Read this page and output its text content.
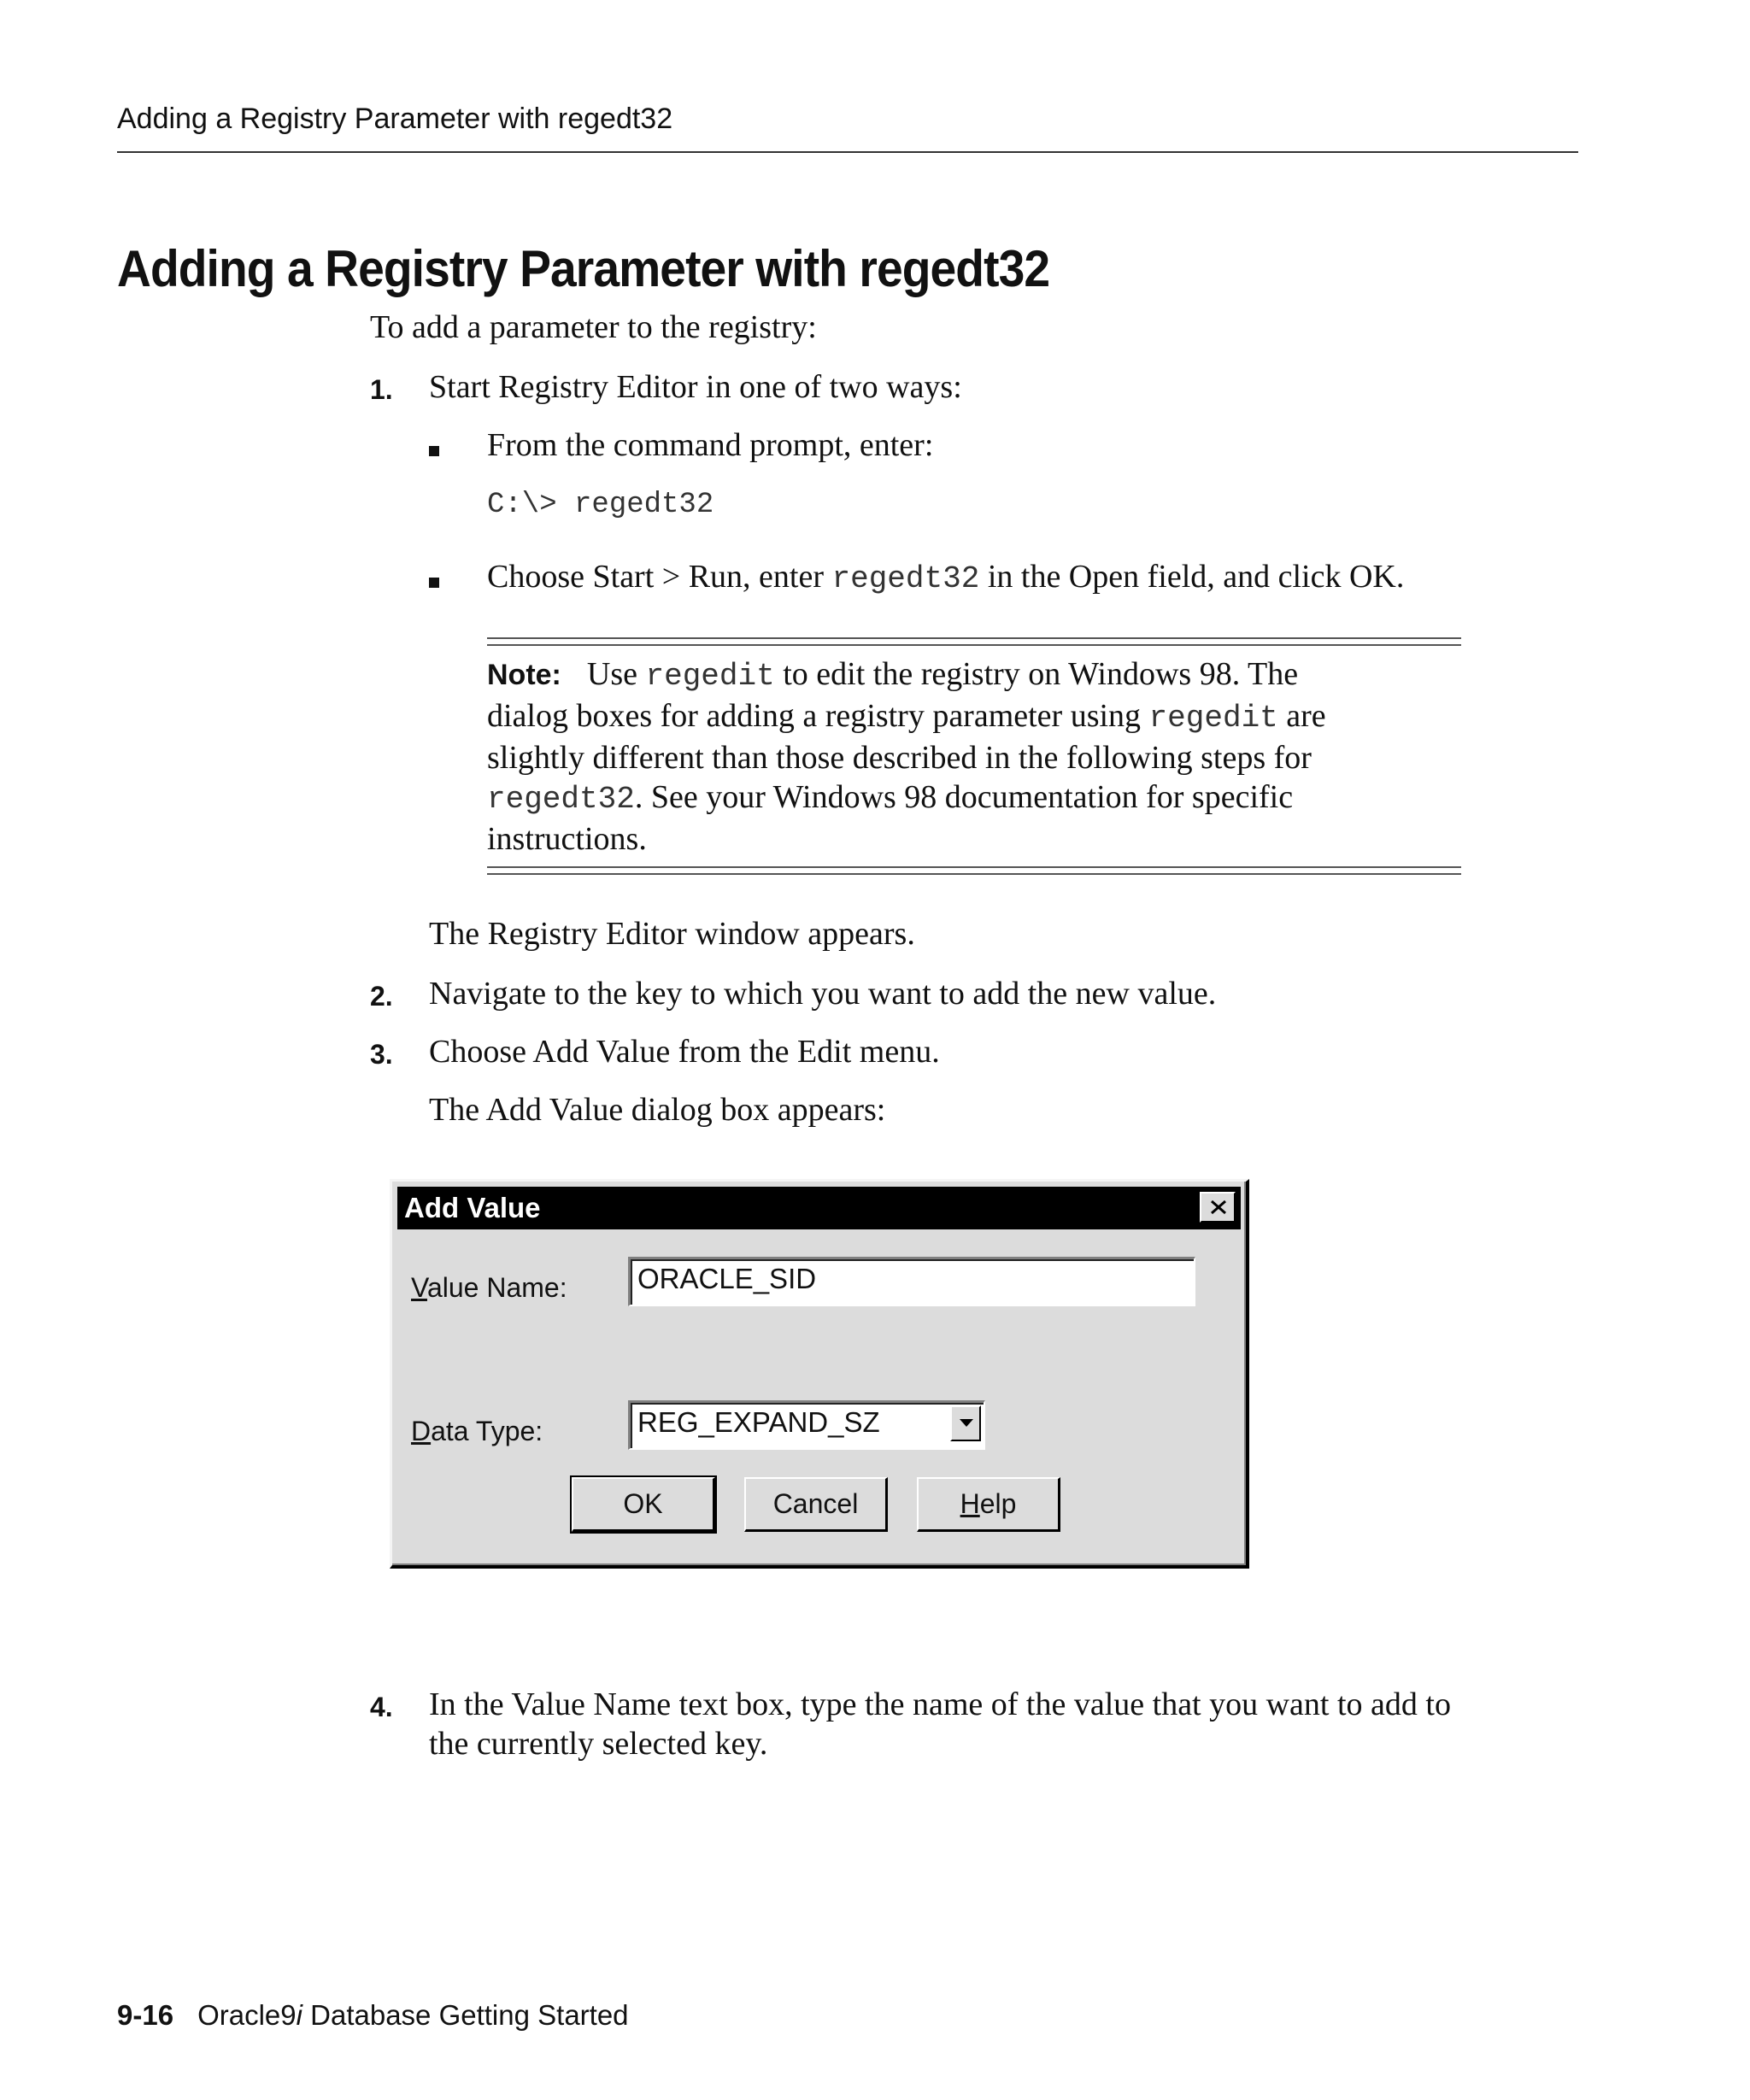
Adding a Registry Parameter with regedt32
Adding a Registry Parameter with regedt32
To add a parameter to the registry:
1. Start Registry Editor in one of two ways:
From the command prompt, enter:
C:\> regedt32
Choose Start > Run, enter regedt32 in the Open field, and click OK.
Note: Use regedit to edit the registry on Windows 98. The
dialog boxes for adding a registry parameter using regedit are
slightly different than those described in the following steps for
regedt32. See your Windows 98 documentation for specific
instructions.
The Registry Editor window appears.
2. Navigate to the key to which you want to add the new value.
3. Choose Add Value from the Edit menu.
The Add Value dialog box appears:
Add Value
Value Name:	ORACLE_SID
Data Type:	REG_EXPAND_SZ
OK	Cancel	Help
4. In the Value Name text box, type the name of the value that you want to add to
the currently selected key.
9-16 Oracle9i Database Getting Started
